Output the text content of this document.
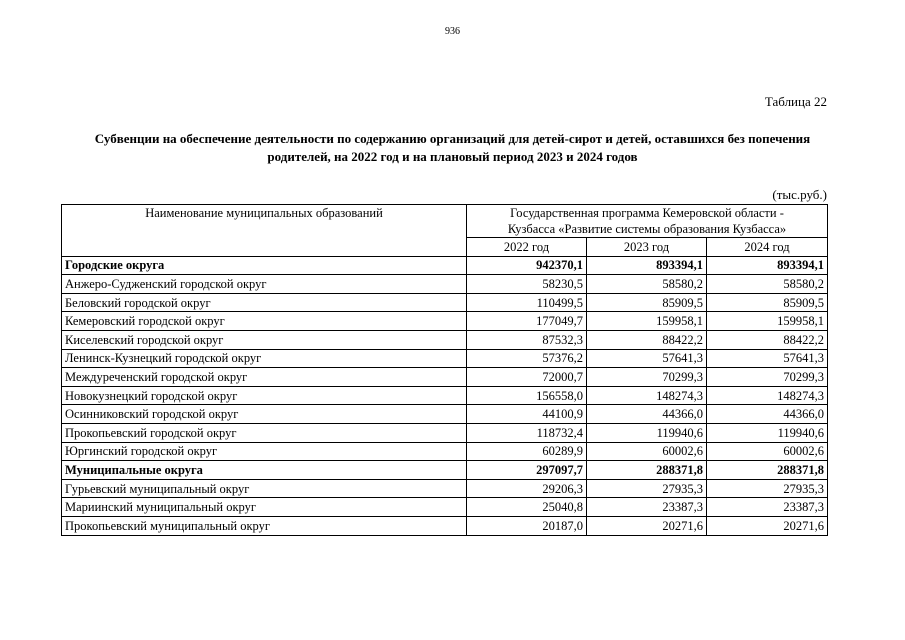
936
Таблица 22
Субвенции на обеспечение деятельности по содержанию организаций для детей-сирот и детей, оставшихся без попечения родителей, на 2022 год и на плановый период 2023 и 2024 годов
(тыс.руб.)
Наименование муниципальных образований	Государственная программа Кемеровской области -
Кузбасса «Развитие системы образования Кузбасса»		

	2022 год	2023 год	2024 год
Городские округа	942370,1	893394,1	893394,1
Анжеро-Судженский городской округ	58230,5	58580,2	58580,2
Беловский городской округ	110499,5	85909,5	85909,5
Кемеровский городской округ	177049,7	159958,1	159958,1
Киселевский городской округ	87532,3	88422,2	88422,2
Ленинск-Кузнецкий городской округ	57376,2	57641,3	57641,3
Междуреченский городской округ	72000,7	70299,3	70299,3
Новокузнецкий городской округ	156558,0	148274,3	148274,3
Осинниковский городской округ	44100,9	44366,0	44366,0
Прокопьевский городской округ	118732,4	119940,6	119940,6
Юргинский городской округ	60289,9	60002,6	60002,6
Муниципальные округа	297097,7	288371,8	288371,8
Гурьевский муниципальный округ	29206,3	27935,3	27935,3
Мариинский муниципальный округ	25040,8	23387,3	23387,3
Прокопьевский муниципальный округ	20187,0	20271,6	20271,6
